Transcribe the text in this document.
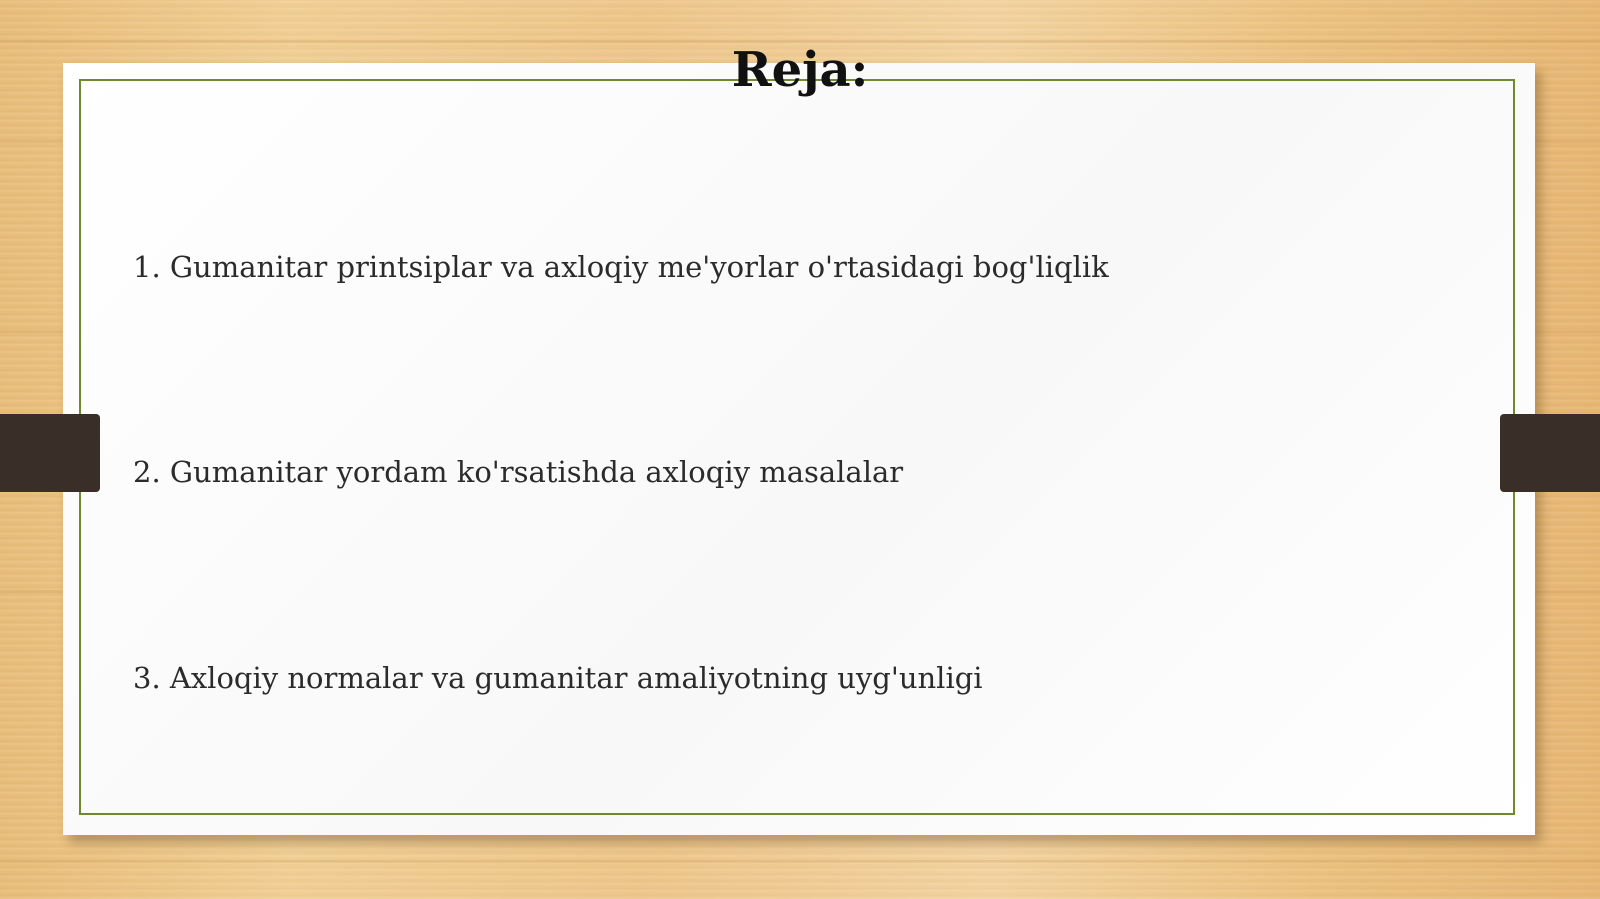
Reja:
1. Gumanitar printsiplar va axloqiy me'yorlar o'rtasidagi bog'liqlik
2. Gumanitar yordam ko'rsatishda axloqiy masalalar
3. Axloqiy normalar va gumanitar amaliyotning uyg'unligi
